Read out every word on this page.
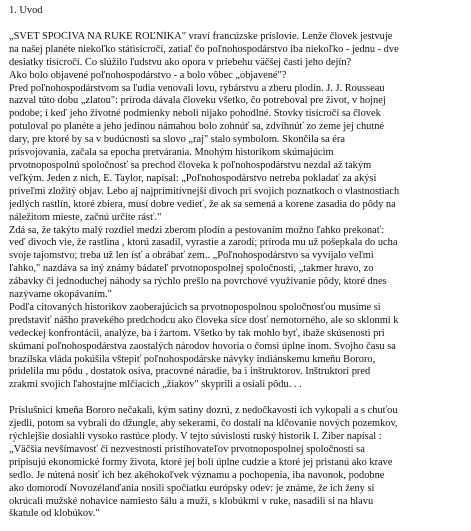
1. Uvod
„SVET SPOČÍVA NA RUKE ROĽNÍKA" vraví francúzske príslovie. Lenže človek jestvuje
na našej planéte niekoľko státisícročí, zatiaľ čo poľnohospodárstvo iba niekoľko - jednu - dve
desiatky tisícročí. Čo slúžilo ľudstvu ako opora v priebehu väčšej časti jeho dejín?
Ako bolo objavené poľnohospodárstvo - a bolo vôbec „objavené"?
Pred poľnohospodárstvom sa ľudia venovali lovu, rybárstvu a zberu plodín. J. J. Rousseau
nazval túto dobu „zlatou": príroda dávala človeku všetko, čo potreboval pre život, v hojnej
podobe; i keď jeho životné podmienky neboli nijako pohodlné. Stovky tisícročí sa človek
potuloval po planéte a jeho jedinou námahou bolo zohnúť sa, zdvihnúť zo zeme jej chutné
dary, pre ktoré by sa v budúcnosti sa slovo „raj" stalo symbolom. Skončila sa éra
prisvojovania, začala sa epocha pretvárania. Mnohým historikom skúmajúcim
prvotnopospolnú spoločnosť sa prechod človeka k poľnohospodárstvu nezdal až takým
veľkým. Jeden z nich, E. Taylor, napísal: „Poľnohospodárstvo netreba pokladať za akýsi
priveľmi zložitý objav. Lebo aj najprimitívnejší divoch pri svojich poznatkoch o vlastnostiach
jedlých rastlín, ktoré zbiera, musí dobre vedieť, že ak sa semená a korene zasadia do pôdy na
náležitom mieste, začnú určite rásť."
Zdá sa, že takýto malý rozdiel medzi zberom plodín a pestovaním možno ľahko prekonať:
veď divoch vie, že rastlina , ktorú zasadil, vyrastie a zarodí; príroda mu už pošepkala do ucha
svoje tajomstvo; treba už len ísť a obrábať zem.. „Poľnohospodárstvo sa vyvíjalo veľmi
ľahko," nazdáva sa iný známy bádateľ prvotnopospolnej spoločnosti, „takmer hravo, zo
zábavky či jednoduchej náhody sa rýchlo prešlo na povrchové využívanie pôdy, ktoré dnes
nazývame okopávaním."
Podľa citovaných historikov zaoberajúcich sa prvotnopospolnou spoločnosťou musíme si
predstaviť nášho pravekého predchodcu ako človeka sice dosť nemotorného, ale so sklonmi k
vedeckej konfrontácii, analýze, ba i žartom. Všetko by tak mohlo byť, ibaže skúsenosti pri
skúmaní poľnohospodárstva zaostalých národov hovoria o čomsi úplne inom. Svojho času sa
brazílska vláda pokúšila vštepiť poľnohospodárske návyky indiánskemu kmeňu Bororo,
pridelila mu pôdu , dostatok osiva, pracovné náradie, ba i inštruktorov. Inštruktori pred
zrakmi svojich ľahostajne mlčiacich „žiakov" skyprili a osiali pôdu. . .
Príslušníci kmeňa Bororo nečakali, kým satiny dozrú, z nedočkavosti ich vykopali a s chuťou
zjedli, potom sa vybrali do džungle, aby sekerami, čo dostali na klčovanie nových pozemkov,
rýchlejšie dosiahli vysoko rastúce plody. V tejto súvislosti ruský historik I. Žiber napísal :
„Väčšia nevšímavosť či nezvestnosti pristihovateľov prvotnopospolnej spoločnosti sa
pripisujú ekonomické formy života, ktoré jej boli úplne cudzie a ktoré jej pristanú ako krave
sedlo. Je nútená nosiť ich bez akéhokoľvek významu a pochopenia, iba navonok, podobne
ako domorodí Novozélanďania nosili spočiatku európsky odev: je známe, že ich ženy si
okrúcali mužské nohavice namiesto šálu a muži, s klobúkmi v ruke, nasadili si na hlavu
škatule od klobúkov."
